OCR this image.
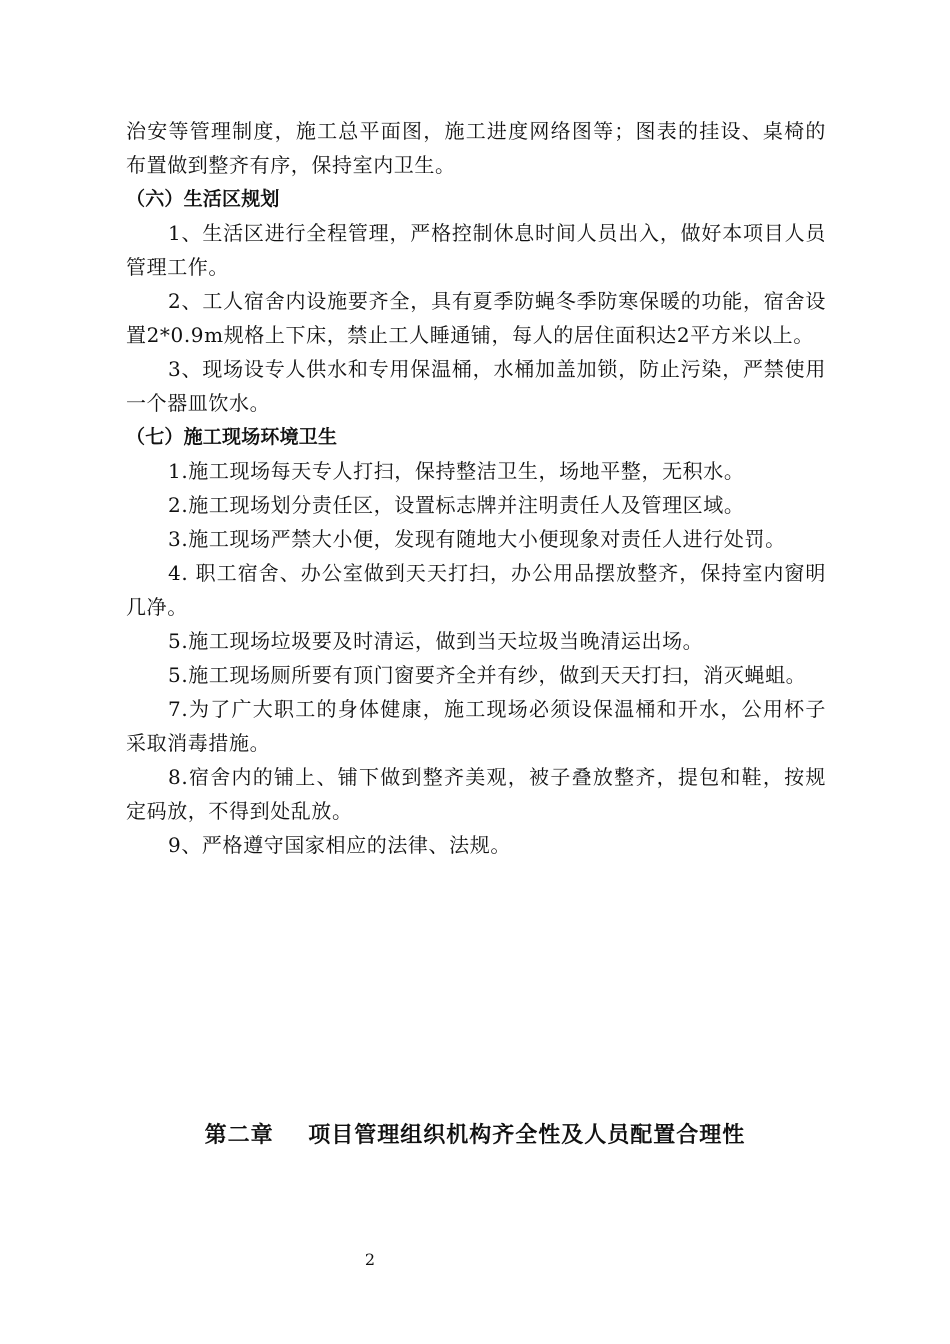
治安等管理制度，施工总平面图，施工进度网络图等；图表的挂设、桌椅的布置做到整齐有序，保持室内卫生。

（六）生活区规划

1、生活区进行全程管理，严格控制休息时间人员出入，做好本项目人员管理工作。

2、工人宿舍内设施要齐全，具有夏季防蝇冬季防寒保暖的功能，宿舍设置2*0.9m规格上下床，禁止工人睡通铺，每人的居住面积达2平方米以上。

3、现场设专人供水和专用保温桶，水桶加盖加锁，防止污染，严禁使用一个器皿饮水。

（七）施工现场环境卫生

1.施工现场每天专人打扫，保持整洁卫生，场地平整，无积水。

2.施工现场划分责任区，设置标志牌并注明责任人及管理区域。

3.施工现场严禁大小便，发现有随地大小便现象对责任人进行处罚。

4. 职工宿舍、办公室做到天天打扫，办公用品摆放整齐，保持室内窗明几净。

5.施工现场垃圾要及时清运，做到当天垃圾当晚清运出场。

5.施工现场厕所要有顶门窗要齐全并有纱，做到天天打扫，消灭蝇蛆。

7.为了广大职工的身体健康，施工现场必须设保温桶和开水，公用杯子采取消毒措施。

8.宿舍内的铺上、铺下做到整齐美观，被子叠放整齐，提包和鞋，按规定码放，不得到处乱放。

9、严格遵守国家相应的法律、法规。

第二章    项目管理组织机构齐全性及人员配置合理性
2
